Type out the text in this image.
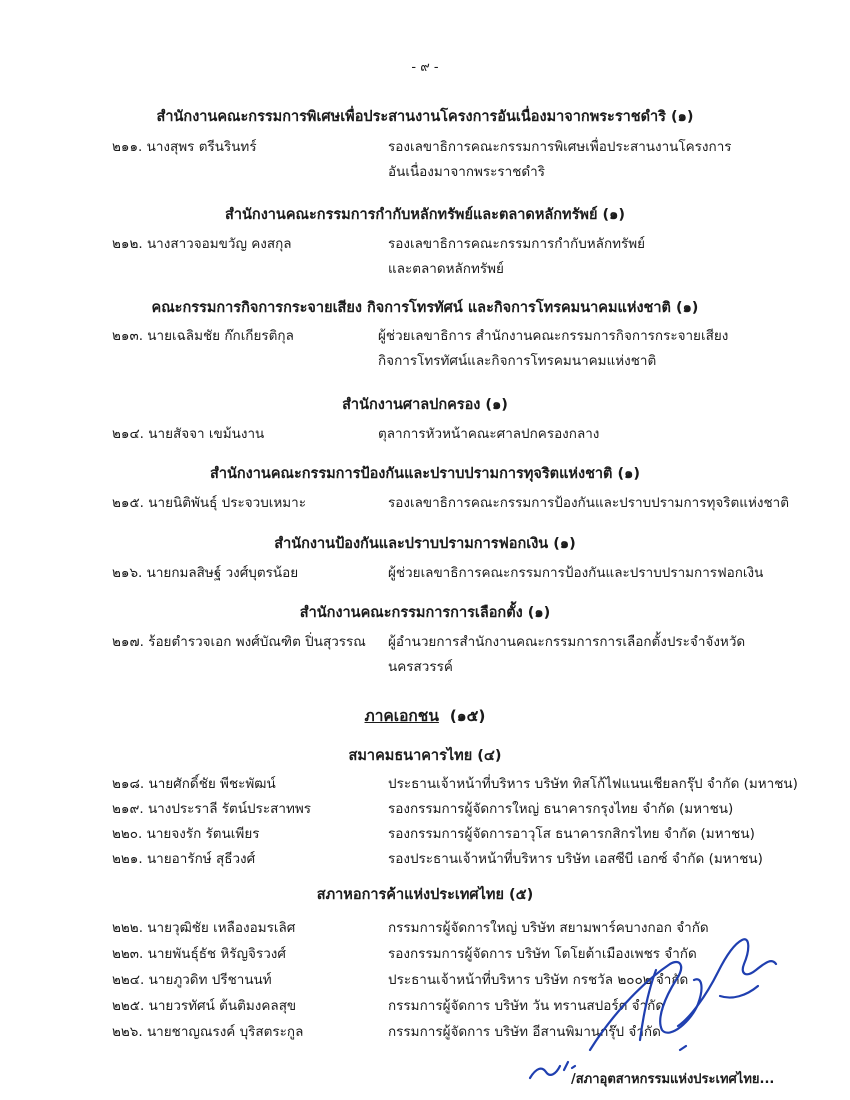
- ๙ -
สำนักงานคณะกรรมการพิเศษเพื่อประสานงานโครงการอันเนื่องมาจากพระราชดำริ (๑)
๒๑๑. นางสุพร ตรีนรินทร์	รองเลขาธิการคณะกรรมการพิเศษเพื่อประสานงานโครงการ
อันเนื่องมาจากพระราชดำริ
สำนักงานคณะกรรมการกำกับหลักทรัพย์และตลาดหลักทรัพย์ (๑)
๒๑๒. นางสาวจอมขวัญ คงสกุล	รองเลขาธิการคณะกรรมการกำกับหลักทรัพย์
และตลาดหลักทรัพย์
คณะกรรมการกิจการกระจายเสียง กิจการโทรทัศน์ และกิจการโทรคมนาคมแห่งชาติ (๑)
๒๑๓. นายเฉลิมชัย ก๊กเกียรติกุล	ผู้ช่วยเลขาธิการ สำนักงานคณะกรรมการกิจการกระจายเสียง
กิจการโทรทัศน์และกิจการโทรคมนาคมแห่งชาติ
สำนักงานศาลปกครอง (๑)
๒๑๔. นายสัจจา เขม้นงาน	ตุลาการหัวหน้าคณะศาลปกครองกลาง
สำนักงานคณะกรรมการป้องกันและปราบปรามการทุจริตแห่งชาติ (๑)
๒๑๕. นายนิติพันธุ์ ประจวบเหมาะ	รองเลขาธิการคณะกรรมการป้องกันและปราบปรามการทุจริตแห่งชาติ
สำนักงานป้องกันและปราบปรามการฟอกเงิน (๑)
๒๑๖. นายกมลสิษฐ์ วงศ์บุตรน้อย	ผู้ช่วยเลขาธิการคณะกรรมการป้องกันและปราบปรามการฟอกเงิน
สำนักงานคณะกรรมการการเลือกตั้ง (๑)
๒๑๗. ร้อยตำรวจเอก พงศ์บัณฑิต ปิ่นสุวรรณ ผู้อำนวยการสำนักงานคณะกรรมการการเลือกตั้งประจำจังหวัด
นครสวรรค์
ภาคเอกชน (๑๕)
สมาคมธนาคารไทย (๔)
๒๑๘. นายศักดิ์ชัย พีชะพัฒน์	ประธานเจ้าหน้าที่บริหาร บริษัท ทิสโก้ไฟแนนเชียลกรุ๊ป จำกัด (มหาชน)
๒๑๙. นางประราลี รัตน์ประสาทพร	รองกรรมการผู้จัดการใหญ่ ธนาคารกรุงไทย จำกัด (มหาชน)
๒๒๐. นายจงรัก รัตนเพียร	รองกรรมการผู้จัดการอาวุโส ธนาคารกสิกรไทย จำกัด (มหาชน)
๒๒๑. นายอารักษ์ สุธีวงศ์	รองประธานเจ้าหน้าที่บริหาร บริษัท เอสซีบี เอกซ์ จำกัด (มหาชน)
สภาหอการค้าแห่งประเทศไทย (๕)
๒๒๒. นายวุฒิชัย เหลืองอมรเลิศ	กรรมการผู้จัดการใหญ่ บริษัท สยามพาร์คบางกอก จำกัด
๒๒๓. นายพันธุ์ธัช หิรัญจิรวงศ์	รองกรรมการผู้จัดการ บริษัท โตโยต้าเมืองเพชร จำกัด
๒๒๔. นายภูวดิท ปรีชานนท์	ประธานเจ้าหน้าที่บริหาร บริษัท กรชวัล ๒๐๐๒ จำกัด
๒๒๕. นายวรทัศน์ ต้นติมงคลสุข	กรรมการผู้จัดการ บริษัท วัน ทรานสปอร์ต จำกัด
๒๒๖. นายชาญณรงค์ บุริสตระกูล	กรรมการผู้จัดการ บริษัท อีสานพิมานกรุ๊ป จำกัด
/สภาอุตสาหกรรมแห่งประเทศไทย...
